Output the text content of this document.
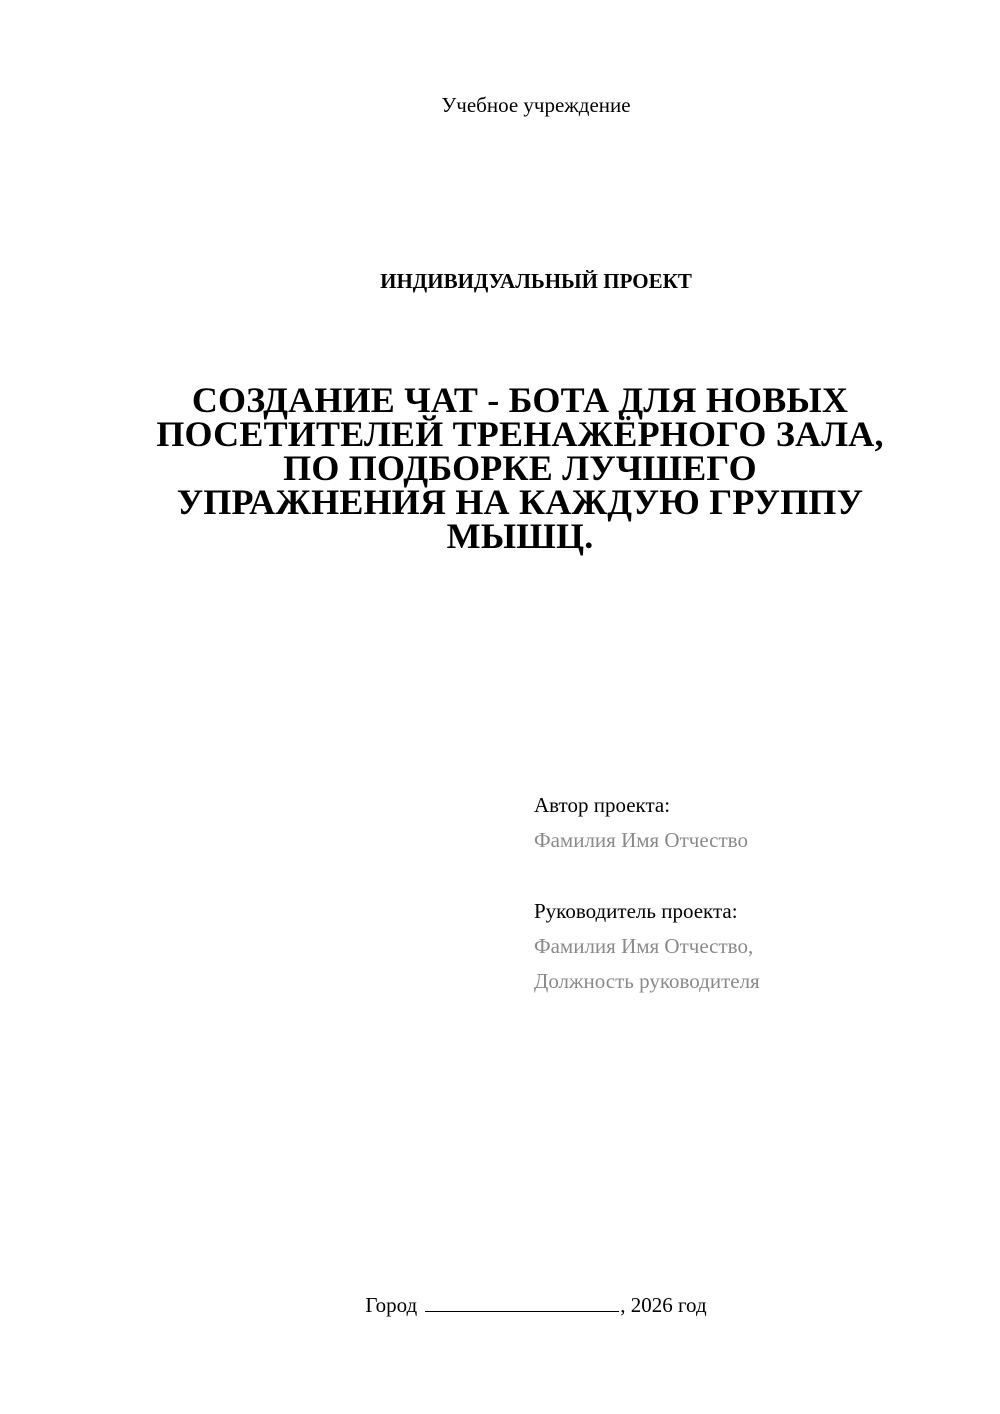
Учебное учреждение
ИНДИВИДУАЛЬНЫЙ ПРОЕКТ
СОЗДАНИЕ ЧАТ - БОТА ДЛЯ НОВЫХ
ПОСЕТИТЕЛЕЙ ТРЕНАЖЁРНОГО ЗАЛА,
ПО ПОДБОРКЕ ЛУЧШЕГО
УПРАЖНЕНИЯ НА КАЖДУЮ ГРУППУ
МЫШЦ.
Автор проекта:
Фамилия Имя Отчество
Руководитель проекта:
Фамилия Имя Отчество,
Должность руководителя
Город	, 2026 год
